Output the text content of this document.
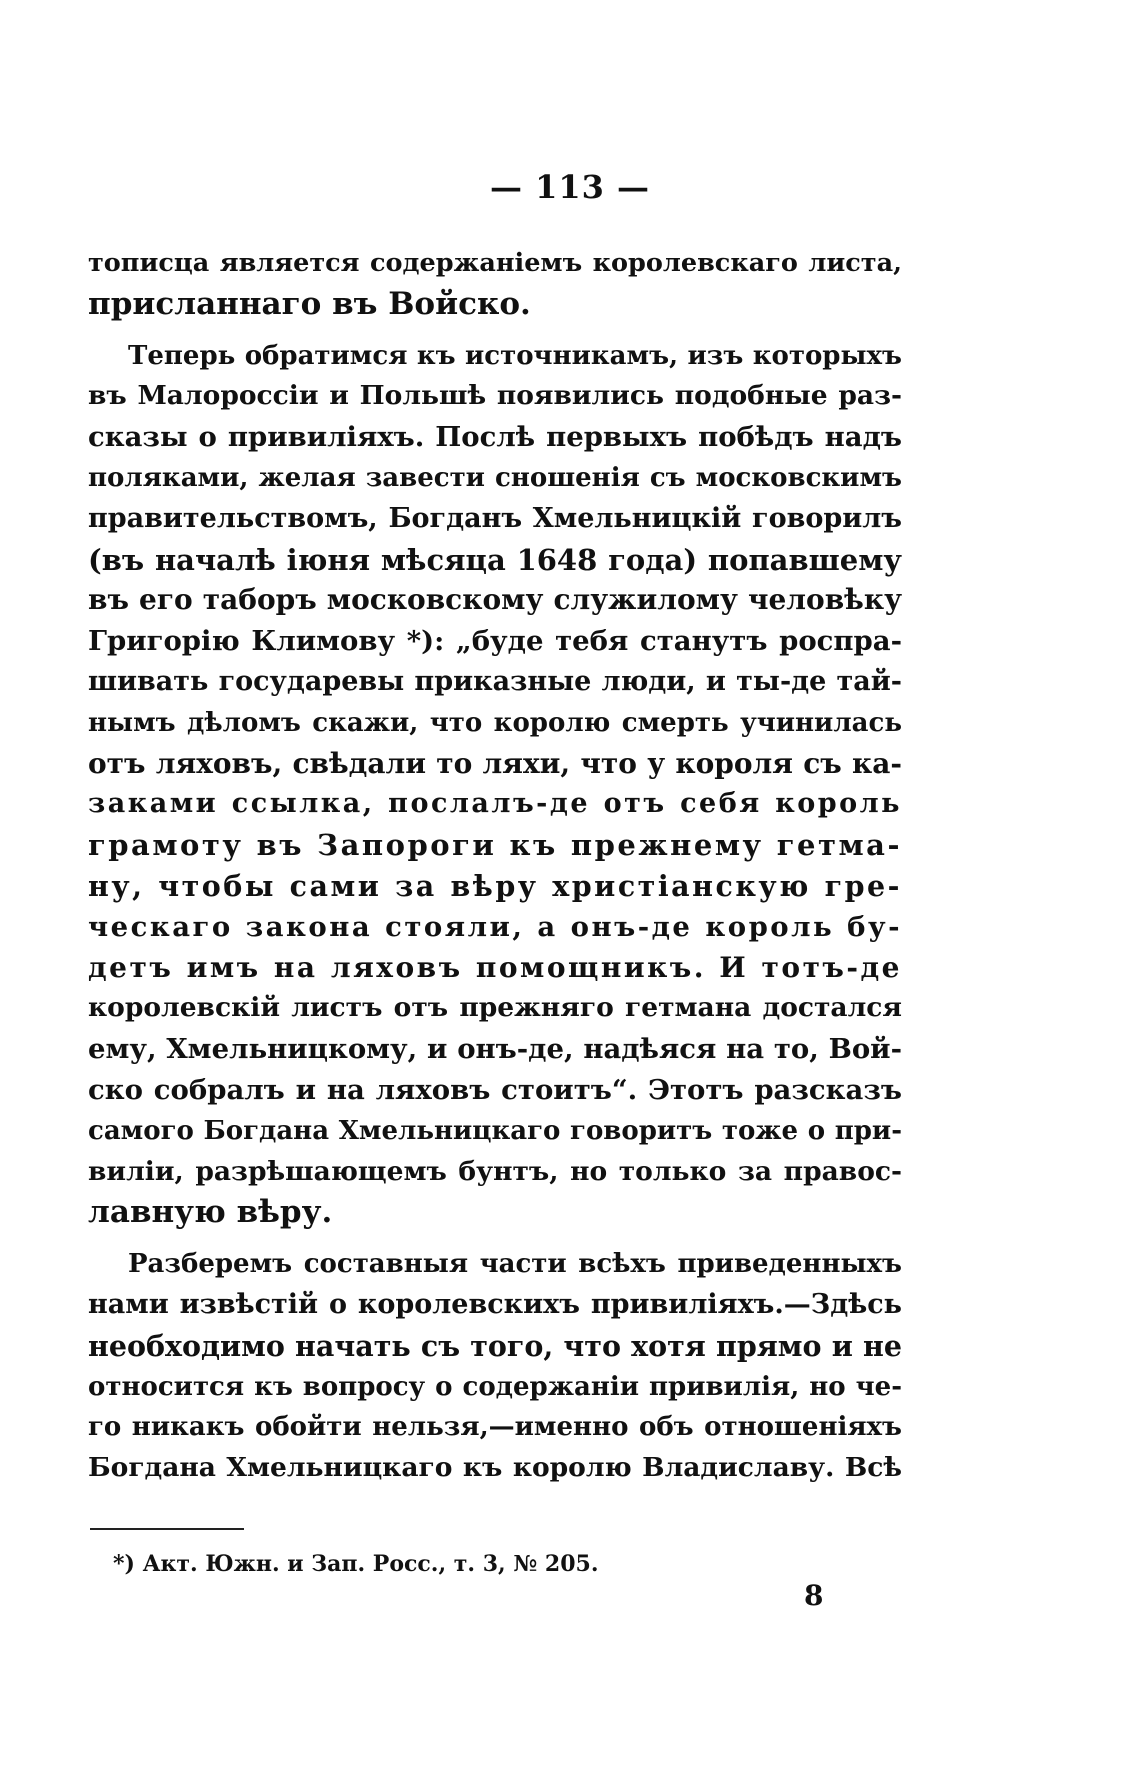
— 113 —
тописца является содержаніемъ королевскаго листа,
присланнаго въ Войско.
Теперь обратимся къ источникамъ, изъ которыхъ
въ Малороссіи и Польшѣ появились подобные раз-
сказы о привиліяхъ. Послѣ первыхъ побѣдъ надъ
поляками, желая завести сношенія съ московскимъ
правительствомъ, Богданъ Хмельницкій говорилъ
(въ началѣ іюня мѣсяца 1648 года) попавшему
въ его таборъ московскому служилому человѣку
Григорію Климову *): „буде тебя станутъ роспра-
шивать государевы приказные люди, и ты-де тай-
нымъ дѣломъ скажи, что королю смерть учинилась
отъ ляховъ, свѣдали то ляхи, что у короля съ ка-
заками ссылка, послалъ-де отъ себя король
грамоту въ Запороги къ прежнему гетма-
ну, чтобы сами за вѣру христіанскую гре-
ческаго закона стояли, а онъ-де король бу-
детъ имъ на ляховъ помощникъ. И тотъ-де
королевскій листъ отъ прежняго гетмана достался
ему, Хмельницкому, и онъ-де, надѣяся на то, Вой-
ско собралъ и на ляховъ стоитъ“. Этотъ разсказъ
самого Богдана Хмельницкаго говоритъ тоже о при-
виліи, разрѣшающемъ бунтъ, но только за правос-
лавную вѣру.
Разберемъ составныя части всѣхъ приведенныхъ
нами извѣстій о королевскихъ привиліяхъ.—Здѣсь
необходимо начать съ того, что хотя прямо и не
относится къ вопросу о содержаніи привилія, но че-
го никакъ обойти нельзя,—именно объ отношеніяхъ
Богдана Хмельницкаго къ королю Владиславу. Всѣ
*) Акт. Южн. и Зап. Росс., т. 3, № 205.
8
